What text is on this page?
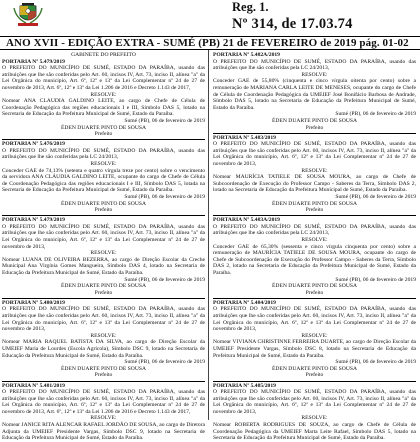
Reg. 1.
Nº 314, de 17.03.74
ANO XVII - EDIÇÃO EXTRA - SUMÉ (PB) 21 de FEVEREIRO de 2019 pág. 01-02
GABINETE DO PREFEITO
PORTARIA Nº 5.479/2019
O PREFEITO DO MUNICÍPIO DE SUMÉ, ESTADO DA PARAÍBA, usando das atribuições que lhe são conferidas pelo Art. 60, incisos IV, Art. 73, inciso II, alínea "a" da Lei Orgânica do município, Art. 6º, 12º e 13º da Lei Complementar nº 24 de 27 de novembro de 2013, Art. 6º, 12º e 13º da Lei 1.206 de 2016 e Decreto 1.143 de 2017,
RESOLVE:
Nomear ANA CLAUDIA GALDINO LEITE, ao cargo de Chefe de Célula de Coordenação Pedagógica das regiões educacionais I e III, Símbolo DAS 5, lotado na Secretaria de Educação da Prefeitura Municipal de Sumé, Estado da Paraíba.
Sumé (PB), 06 de fevereiro de 2019
ÉDEN DUARTE PINTO DE SOUSA
Prefeito
PORTARIA Nº 5.476/2019
O PREFEITO DO MUNICÍPIO DE SUMÉ, ESTADO DA PARAÍBA, usando das atribuições que lhe são conferidas pela LC 24/2013,
RESOLVE:
Conceder GAE de 74,13% (setenta e quatro vírgula treze por cento) sobre o vencimento da servidora ANA CLÁUDIA GALDINO LEITE, ocupante do cargo de Chefe de Célula de Coordenação Pedagógica das regiões educacionais I e III, Símbolo DAS 5, lotada na Secretaria de Educação da Prefeitura Municipal de Sumé, Estado da Paraíba.
Sumé (PB), 06 de fevereiro de 2019
ÉDEN DUARTE PINTO DE SOUSA
Prefeito
PORTARIA Nº 5.479/2019
O PREFEITO DO MUNICÍPIO DE SUMÉ, ESTADO DA PARAÍBA, usando das atribuições que lhe são conferidas pelo Art. 60, incisos IV, Art. 73, inciso II, alínea "a" da Lei Orgânica do município, Art. 6º, 12º e 13º da Lei Complementar nº 24 de 27 de novembro de 2013,
RESOLVE:
Nomear LUANA DE OLIVEIRA BEZERRA, ao cargo de Direção Escolar da Creche Municipal Ana Virgínia Gomes Mangueira, Símbolo DAS 4, lotado na Secretaria de Educação da Prefeitura Municipal de Sumé, Estado da Paraíba.
Sumé (PB), 06 de fevereiro de 2019
ÉDEN DUARTE PINTO DE SOUSA
Prefeito
PORTARIA Nº 5.480/2019
O PREFEITO DO MUNICÍPIO DE SUMÉ, ESTADO DA PARAÍBA, usando das atribuições que lhe são conferidas pelo Art. 60, incisos IV, Art. 73, inciso II, alínea "a" da Lei Orgânica do município, Art. 6º, 12º e 13º da Lei Complementar nº 24 de 27 de novembro de 2013,
RESOLVE:
Nomear MARIA RAQUEL BATISTA DA SILVA, ao cargo de Direção Escolar da UMEIEF Maria de Lourdes (Escola Agrícola), Símbolo DSC 9, lotado na Secretaria de Educação da Prefeitura Municipal de Sumé, Estado da Paraíba.
Sumé (PB), 06 de fevereiro de 2019
ÉDEN DUARTE PINTO DE SOUSA
Prefeito
PORTARIA Nº 5.481/2019
O PREFEITO DO MUNICÍPIO DE SUMÉ, ESTADO DA PARAÍBA, usando das atribuições que lhe são conferidas pelo Art. 60, incisos IV, Art. 73, inciso II, alínea "a" da Lei Orgânica do município, Art. 6º, 12º e 13º da Lei Complementar nº 24 de 27 de novembro de 2013, Art. 6º, 12º e 13º da Lei 1.206 de 2016 e Decreto 1.143 de 2017,
RESOLVE:
Nomear JANICE RITA ALENCAR RAFAEL JORDÃO DE SOUSA, ao cargo de Diretora Adjunta da UMEIEF Presidente Vargas, Símbolo DSC 9, lotado na Secretaria de Educação da Prefeitura Municipal de Sumé, Estado da Paraíba.
PORTARIA Nº 5.482A/2019
O PREFEITO DO MUNICÍPIO DE SUMÉ, ESTADO DA PARAÍBA, usando das atribuições que lhe são conferidas pela LC 24/2013,
RESOLVE:
Conceder GAE de 55,80% (cinquenta e cinco vírgula oitenta por cento) sobre a remuneração de MARIANA CARLA LEITE DE MENESES, ocupante do cargo de Chefe de Célula de Coordenação Pedagógica da UMEIEF José Bonifácio Barbosa de Andrade, Símbolo DAS 5, lotado na Secretaria de Educação da Prefeitura Municipal de Sumé, Estado da Paraíba.
Sumé (PB), 06 de fevereiro de 2019
ÉDEN DUARTE PINTO DE SOUSA
Prefeito
PORTARIA Nº 5.483/2019
O PREFEITO DO MUNICÍPIO DE SUMÉ, ESTADO DA PARAÍBA, usando das atribuições que lhe são conferidas pelo Art. 60, incisos IV, Art. 73, inciso II, alínea "a" da Lei Orgânica do município, Art. 6º, 12º e 13º da Lei Complementar nº 24 de 27 de novembro de 2013,
RESOLVE:
Nomear MAURÍCIA TATIELE DE SOUSA MOURA, ao cargo de Chefe de Subcoordenação de Execução do Professor Campo - Saberes da Terra, Símbolo DAS 2, lotado na Secretaria de Educação da Prefeitura Municipal de Sumé, Estado da Paraíba.
Sumé (PB), 06 de fevereiro de 2019
ÉDEN DUARTE PINTO DE SOUSA
Prefeito
PORTARIA Nº 5.483A/2019
O PREFEITO DO MUNICÍPIO DE SUMÉ, ESTADO DA PARAÍBA, usando das atribuições que lhe são conferidas pela LC 24/2013,
RESOLVE:
Conceder GAE de 65,30% (sessenta e cinco vírgula cinquenta por cento) sobre a remuneração de MAURÍCIA TATIELE DE SOUSA MOURA, ocupante do cargo de Chefe de Subcoordenação de Execução do Professor Campo - Saberes da Terra, Símbolo DAS 2, lotado na Secretaria de Educação da Prefeitura Municipal de Sumé, Estado da Paraíba.
Sumé (PB), 06 de fevereiro de 2019
ÉDEN DUARTE PINTO DE SOUSA
Prefeito
PORTARIA Nº 5.484/2019
O PREFEITO DO MUNICÍPIO DE SUMÉ, ESTADO DA PARAÍBA, usando das atribuições que lhe são conferidas pelo Art. 60, incisos IV, Art. 73, inciso II, alínea "a" da Lei Orgânica do município, Art. 6º, 12º e 13º da Lei Complementar nº 24 de 27 de novembro de 2013,
RESOLVE:
Nomear VIVIANA CHRISTINNE FERREIRA DUARTE, ao cargo de Direção Escolar da UMEIEF Presidente Vargas, Símbolo DSC 8, lotado na Secretaria de Educação da Prefeitura Municipal de Sumé, Estado da Paraíba.
Sumé (PB), 06 de fevereiro de 2019
ÉDEN DUARTE PINTO DE SOUSA
Prefeito
PORTARIA Nº 5.485/2019
O PREFEITO DO MUNICÍPIO DE SUMÉ, ESTADO DA PARAÍBA, usando das atribuições que lhe são conferidas pelo Art. 60, incisos IV, Art. 73, inciso II, alínea "a" da Lei Orgânica do município, Art. 6º, 12º e 13º da Lei Complementar nº 24 de 27 de novembro de 2013,
RESOLVE:
Nomear ROBERTA RODRIGUES DE SOUZA, ao cargo de Chefe de Célula de Coordenação Pedagógica da UMEIEF Marta Leite Rafael, Símbolo DAS 5, lotado na Secretaria de Educação da Prefeitura Municipal de Sumé, Estado da Paraíba.
